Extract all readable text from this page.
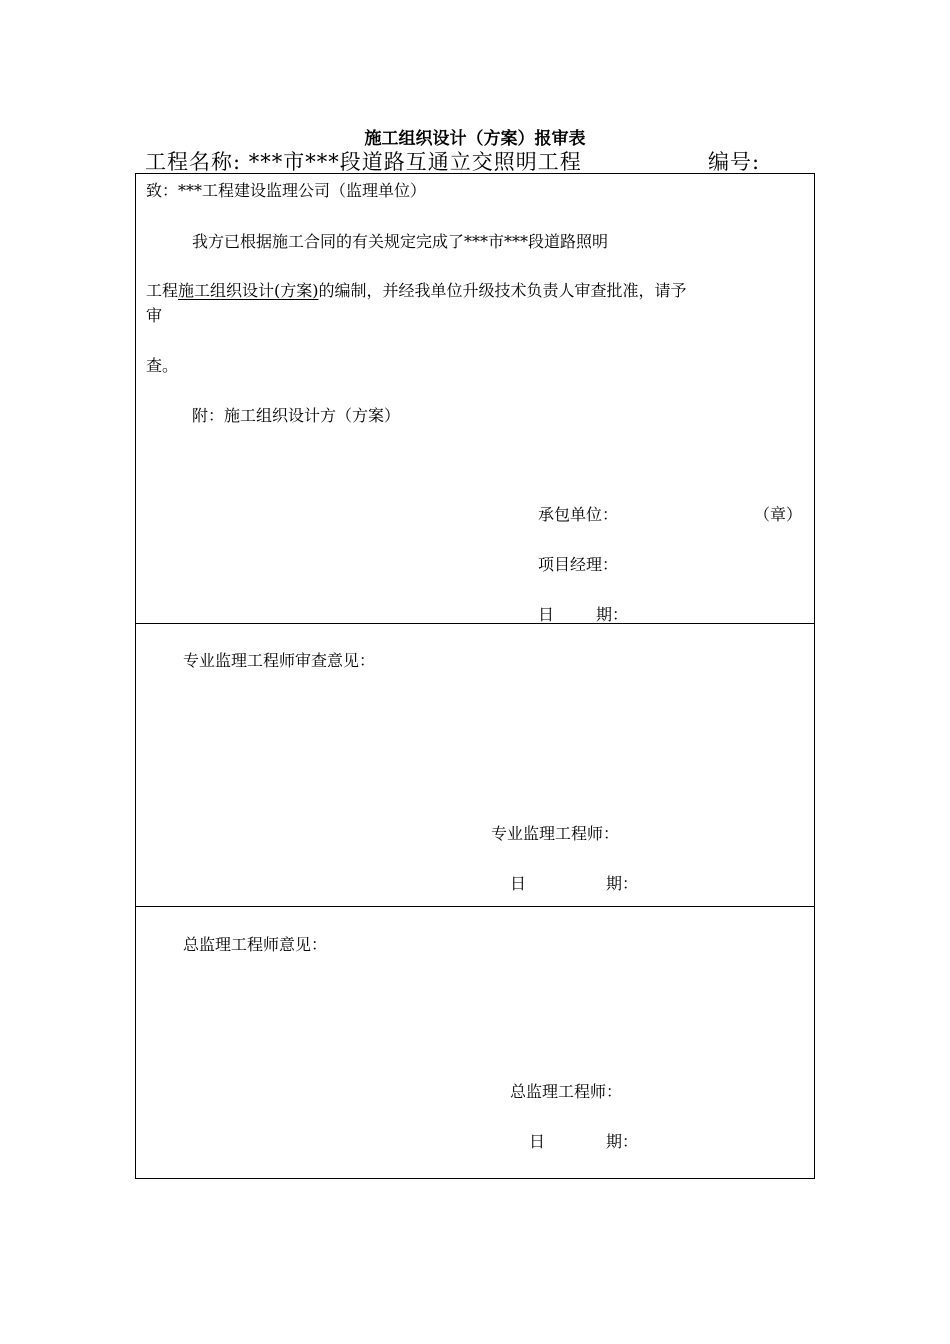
施工组织设计（方案）报审表
工程名称: ***市***段道路互通立交照明工程	编号:
致：***工程建设监理公司（监理单位）
我方已根据施工合同的有关规定完成了***市***段道路照明
工程施工组织设计(方案)的编制，并经我单位升级技术负责人审查批准，请予
审
查。
附：施工组织设计方（方案）
承包单位：	（章）
项目经理：
日	期：
专业监理工程师审查意见：
专业监理工程师：
日	期：
总监理工程师意见：
总监理工程师：
日	期：
